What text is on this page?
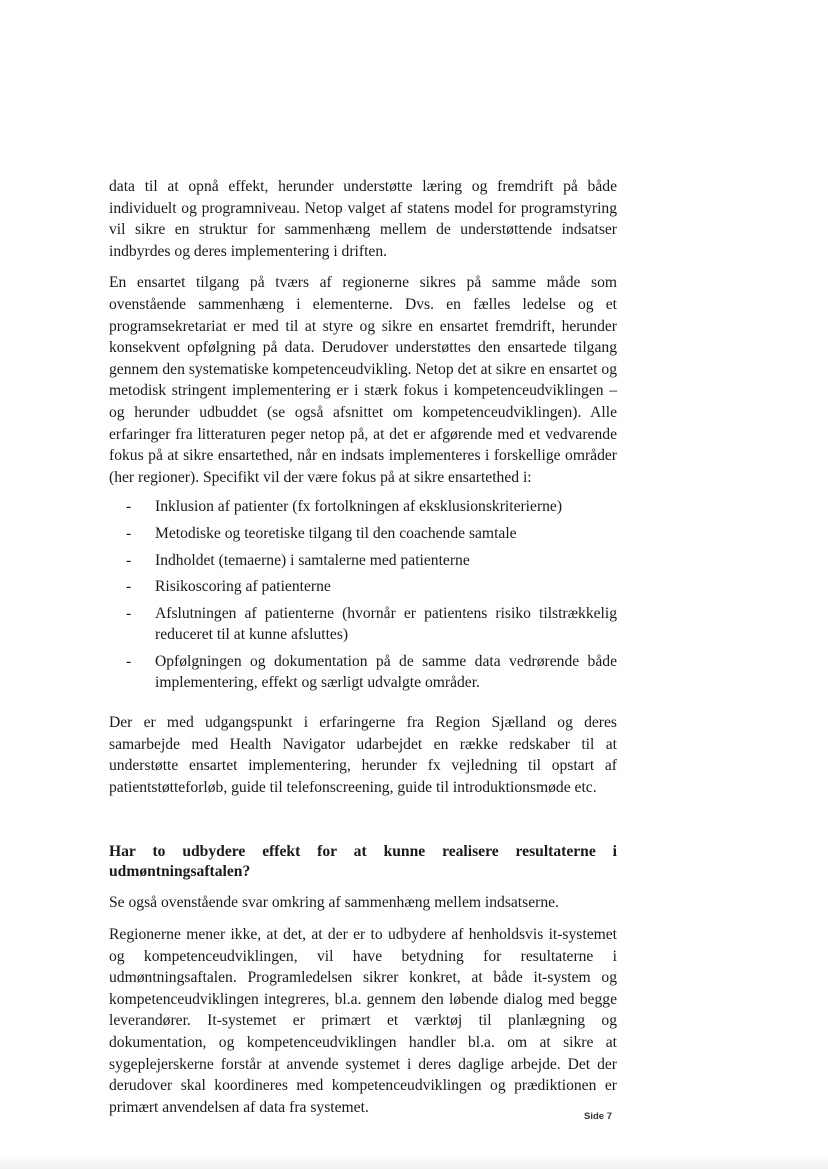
data til at opnå effekt, herunder understøtte læring og fremdrift på både individuelt og programniveau. Netop valget af statens model for programstyring vil sikre en struktur for sammenhæng mellem de understøttende indsatser indbyrdes og deres implementering i driften.

En ensartet tilgang på tværs af regionerne sikres på samme måde som ovenstående sammenhæng i elementerne. Dvs. en fælles ledelse og et programsekretariat er med til at styre og sikre en ensartet fremdrift, herunder konsekvent opfølgning på data. Derudover understøttes den ensartede tilgang gennem den systematiske kompetenceudvikling. Netop det at sikre en ensartet og metodisk stringent implementering er i stærk fokus i kompetenceudviklingen – og herunder udbuddet (se også afsnittet om kompetenceudviklingen). Alle erfaringer fra litteraturen peger netop på, at det er afgørende med et vedvarende fokus på at sikre ensartethed, når en indsats implementeres i forskellige områder (her regioner). Specifikt vil der være fokus på at sikre ensartethed i:

- Inklusion af patienter (fx fortolkningen af eksklusionskriterierne)
- Metodiske og teoretiske tilgang til den coachende samtale
- Indholdet (temaerne) i samtalerne med patienterne
- Risikoscoring af patienterne
- Afslutningen af patienterne (hvornår er patientens risiko tilstrækkelig reduceret til at kunne afsluttes)
- Opfølgningen og dokumentation på de samme data vedrørende både implementering, effekt og særligt udvalgte områder.

Der er med udgangspunkt i erfaringerne fra Region Sjælland og deres samarbejde med Health Navigator udarbejdet en række redskaber til at understøtte ensartet implementering, herunder fx vejledning til opstart af patientstøtteforløb, guide til telefonscreening, guide til introduktionsmøde etc.

Har to udbydere effekt for at kunne realisere resultaterne i udmøntningsaftalen?

Se også ovenstående svar omkring af sammenhæng mellem indsatserne.

Regionerne mener ikke, at det, at der er to udbydere af henholdsvis it-systemet og kompetenceudviklingen, vil have betydning for resultaterne i udmøntningsaftalen. Programledelsen sikrer konkret, at både it-system og kompetenceudviklingen integreres, bl.a. gennem den løbende dialog med begge leverandører. It-systemet er primært et værktøj til planlægning og dokumentation, og kompetenceudviklingen handler bl.a. om at sikre at sygeplejerskerne forstår at anvende systemet i deres daglige arbejde. Det der derudover skal koordineres med kompetenceudviklingen og prædiktionen er primært anvendelsen af data fra systemet.

Side 7
